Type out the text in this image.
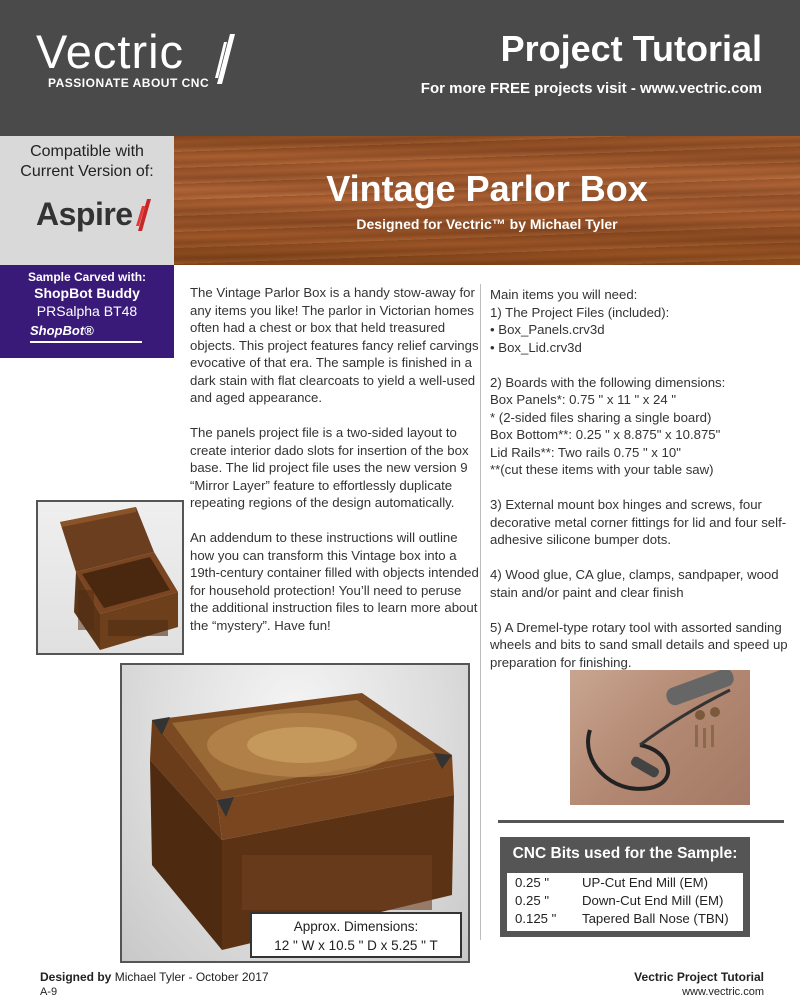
Vectric
PASSIONATE ABOUT CNC
Project Tutorial
For more FREE projects visit - www.vectric.com
Compatible with
Current Version of:
Aspire
Vintage Parlor Box
Designed for Vectric™ by Michael Tyler
Sample Carved with:
ShopBot Buddy
PRSalpha BT48
ShopBot®

The Vintage Parlor Box is a handy stow-away for any items you like! The parlor in Victorian homes often had a chest or box that held treasured objects. This project features fancy relief carvings evocative of that era. The sample is finished in a dark stain with flat clearcoats to yield a well-used and aged appearance.

The panels project file is a two-sided layout to create interior dado slots for insertion of the box base. The lid project file uses the new version 9 “Mirror Layer” feature to effortlessly duplicate repeating regions of the design automatically.

An addendum to these instructions will outline how you can transform this Vintage box into a 19th-century container filled with objects intended for household protection! You’ll need to peruse the additional instruction files to learn more about the “mystery”. Have fun!

Main items you will need:
1) The Project Files (included):
• Box_Panels.crv3d
• Box_Lid.crv3d

2) Boards with the following dimensions:
Box Panels*: 0.75 " x 11 " x 24 "
* (2-sided files sharing a single board)
Box Bottom**: 0.25 " x 8.875" x 10.875"
Lid Rails**: Two rails 0.75 " x 10"
**(cut these items with your table saw)

3) External mount box hinges and screws, four decorative metal corner fittings for lid and four self-adhesive silicone bumper dots.

4) Wood glue, CA glue, clamps, sandpaper, wood stain and/or paint and clear finish

5) A Dremel-type rotary tool with assorted sanding wheels and bits to sand small details and speed up preparation for finishing.

Approx. Dimensions:
12 " W x 10.5 " D x 5.25 " T
CNC Bits used for the Sample:
0.25 " UP-Cut End Mill (EM)
0.25 " Down-Cut End Mill (EM)
0.125 " Tapered Ball Nose (TBN)
Designed by Michael Tyler - October 2017
A-9
Vectric Project Tutorial
www.vectric.com
